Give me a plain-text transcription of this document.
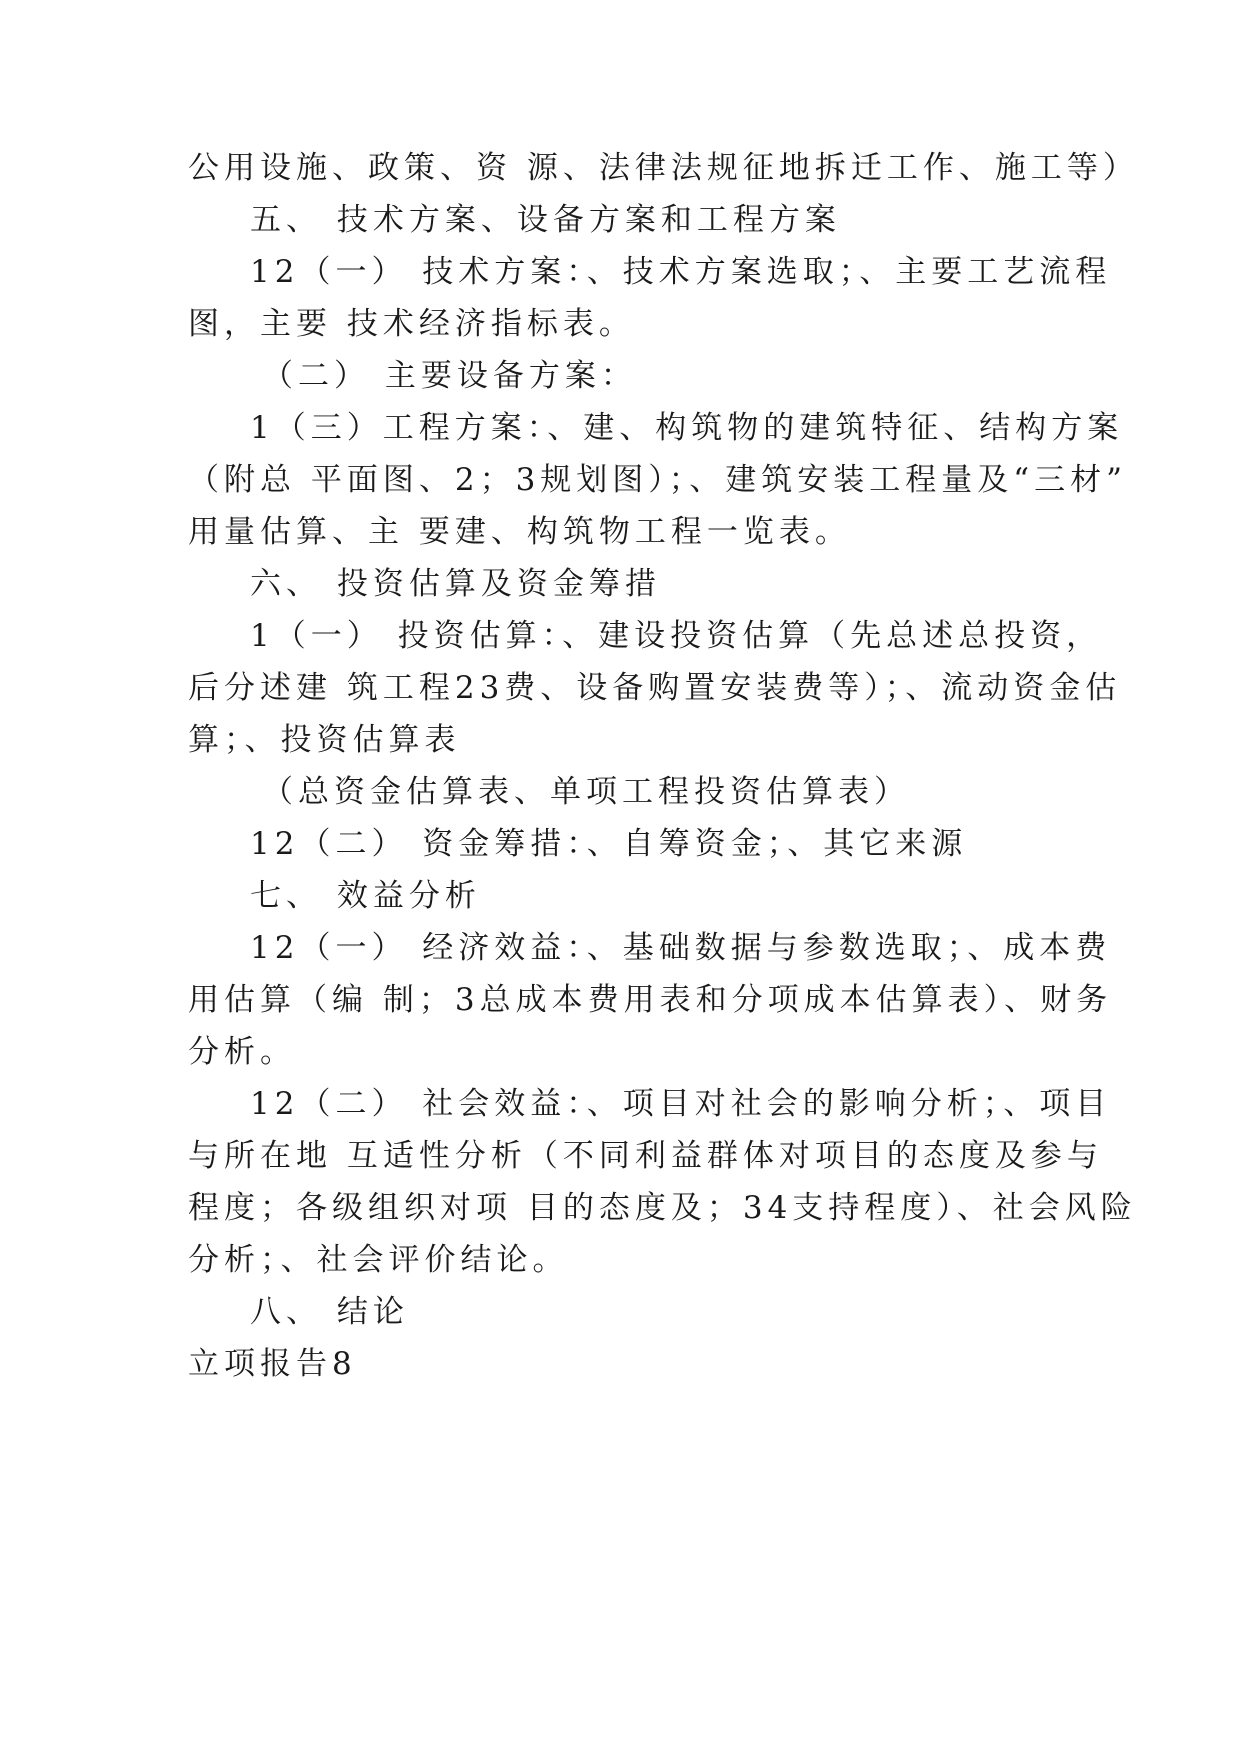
公用设施、政策、资 源、法律法规征地拆迁工作、施工等）
五、 技术方案、设备方案和工程方案
12（一） 技术方案：、技术方案选取；、主要工艺流程
图，主要 技术经济指标表。
（二） 主要设备方案：
1（三）工程方案：、建、构筑物的建筑特征、结构方案
（附总 平面图、2；3规划图）；、建筑安装工程量及“三材”
用量估算、主 要建、构筑物工程一览表。
六、 投资估算及资金筹措
1（一） 投资估算：、建设投资估算（先总述总投资，
后分述建 筑工程23费、设备购置安装费等）；、流动资金估
算；、投资估算表
（总资金估算表、单项工程投资估算表）
12（二） 资金筹措：、自筹资金；、其它来源
七、 效益分析
12（一） 经济效益：、基础数据与参数选取；、成本费
用估算（编 制；3总成本费用表和分项成本估算表）、财务
分析。
12（二） 社会效益：、项目对社会的影响分析；、项目
与所在地 互适性分析（不同利益群体对项目的态度及参与
程度；各级组织对项 目的态度及；34支持程度）、社会风险
分析；、社会评价结论。
八、 结论
立项报告8
